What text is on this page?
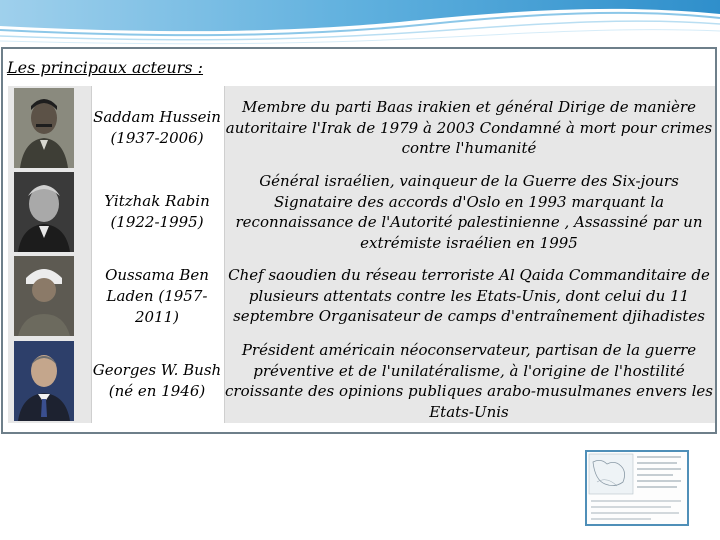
Les principaux acteurs :
Saddam Hussein (1937-2006)
Membre du parti Baas irakien et général Dirige de manière autoritaire l'Irak de 1979 à 2003 Condamné à mort pour crimes contre l'humanité
Yitzhak Rabin (1922-1995)
Général israélien, vainqueur de la Guerre des Six-jours Signataire des accords d'Oslo en 1993 marquant la reconnaissance de l'Autorité palestinienne , Assassiné par un extrémiste israélien en 1995
Oussama Ben Laden (1957-2011)
Chef saoudien du réseau terroriste Al Qaida Commanditaire de plusieurs attentats contre les Etats-Unis, dont celui du 11 septembre Organisateur de camps d'entraînement djihadistes
Georges W. Bush (né en 1946)
Président américain néoconservateur, partisan de la guerre préventive et de l'unilatéralisme, à l'origine de l'hostilité croissante des opinions publiques arabo-musulmanes envers les Etats-Unis
